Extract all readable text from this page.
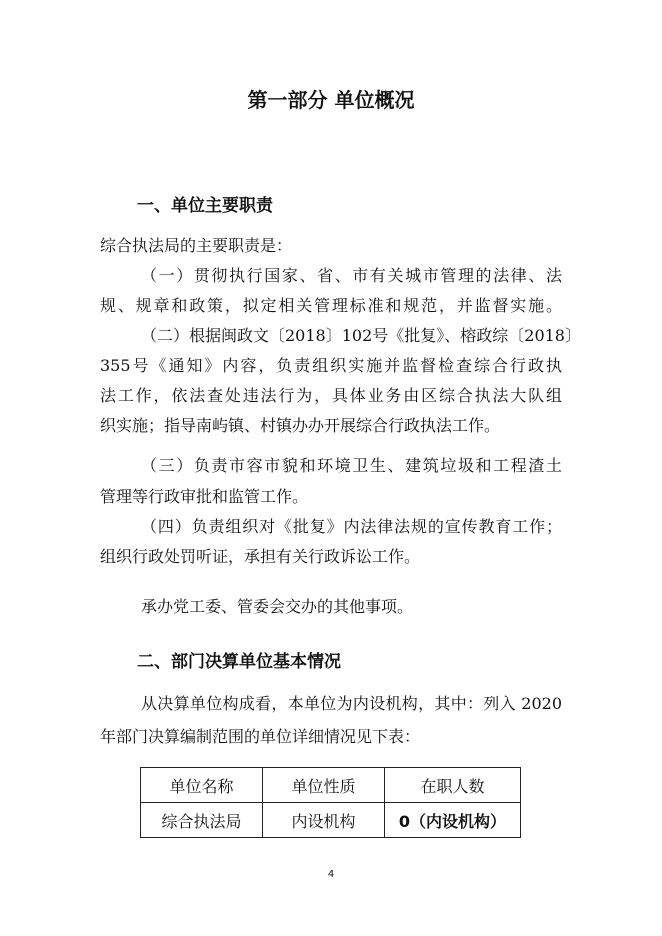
第一部分 单位概况
一、单位主要职责
综合执法局的主要职责是：
（一）贯彻执行国家、省、市有关城市管理的法律、法
规、规章和政策，拟定相关管理标准和规范，并监督实施。
（二）根据闽政文〔2018〕102号《批复》、榕政综〔2018〕
355号《通知》内容，负责组织实施并监督检查综合行政执
法工作，依法查处违法行为，具体业务由区综合执法大队组
织实施；指导南屿镇、村镇办办开展综合行政执法工作。
（三）负责市容市貌和环境卫生、建筑垃圾和工程渣土
管理等行政审批和监管工作。
（四）负责组织对《批复》内法律法规的宣传教育工作；
组织行政处罚听证，承担有关行政诉讼工作。
承办党工委、管委会交办的其他事项。
二、部门决算单位基本情况
从决算单位构成看，本单位为内设机构，其中：列入 2020
年部门决算编制范围的单位详细情况见下表：
单位名称	单位性质	在职人数
综合执法局	内设机构	0（内设机构）
4
